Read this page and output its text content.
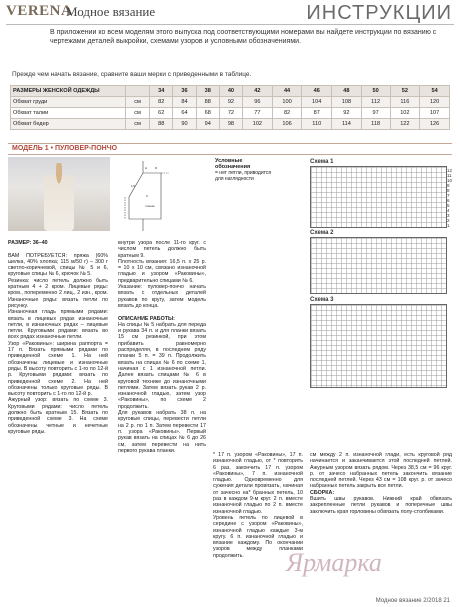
VERENA
Модное вязание	ИНСТРУКЦИИ
В приложении ко всем моделям этого выпуска под соответствующими номерами вы найдете инструкции по вязанию с чертежами деталей выкройки, схемами узоров и условными обозначениями.
Прежде чем начать вязание, сравните ваши мерки с приведенными в таблице.
РАЗМЕРЫ ЖЕНСКОЙ ОДЕЖДЫ		34	36	38	40	42	44	46	48	50	52	54
Обхват груди	см	82	84	88	92	96	100	104	108	112	116	120
Обхват талии	см	62	64	68	72	77	82	87	92	97	102	107
Обхват бедер	см	88	90	94	98	102	106	110	114	118	122	126
МОДЕЛЬ 1 • ПУЛОВЕР-ПОНЧО
H	R
1/2
K
планки
Условные обозначения
= нет петли, приводится для наглядности
Схема 1
12
11
10
9
8
7
6
5
4
3
2
1
Схема 2
Схема 3
РАЗМЕР: 36–40

ВАМ ПОТРЕБУЕТСЯ: пряжа (60% шелка, 40% хлопка; 115 м/50 г) – 300 г светло-коричневой, спицы № 5 и 6, круговые спицы № 6, крючок № 5.
Резинка: число петель должно быть кратным 4 + 2 кром. Лицевые ряды: кром., попеременно 2 лиц., 2 изн., кром. Изнаночные ряды: вязать петли по рисунку.
Изнаночная гладь прямыми рядами: вязать в лицевых рядах изнаночные петли, в изнаночных рядах – лицевые петли. Круговыми рядами: вязать во всех рядах изнаночные петли.
Узор «Раковины»: ширина раппорта = 17 п. Вязать прямыми рядами по приведенной схеме 1. На ней обозначены лицевые и изнаночные ряды. В высоту повторить с 1-го по 12-й р. Круговыми рядами: вязать по приведенной схеме 2. На ней обозначены только круговые ряды. В высоту повторить с 1-го по 12-й р.
Ажурный узор: вязать по схеме 3. Круговыми рядами: число петель должно быть кратным 15. Вязать по приведенной схеме 3. На схеме обозначены четные и нечетные круговые ряды.
внутри узора после 11-го круг. с числом петель должно быть кратным 9.
Плотность вязания: 16,5 п. х 25 р. = 10 х 10 см, связано изнаночной гладью и узором «Раковины», предварительно спицами № 6.
Указание: пуловер-пончо начать вязать с отдельных деталей рукавов по кругу, затем модель вязать до конца.

ОПИСАНИЕ РАБОТЫ:
На спицы № 5 набрать для переда и рукава 34 п. и для планки вязать 15 см резинкой, при этом прибавить равномерно распределяя, в последнем ряду планки 5 п. = 39 п. Продолжить вязать на спицах № 6 по схеме 1, начиная с 1 изнаночной петли. Далее вязать спицами № 6 в круговой технике до изнаночными петлями. Затем вязать рукав 2 р. изнаночной гладью, затем узор «Раковины», по схеме 2 продолжить.
Для рукавов набрать 38 п. на круговые спицы, перевести петли на 2 р. по 1 п. Затем перевести 17 п. узора «Раковины». Первый рукав вязать на спицах № 6 до 26 см, затем перевести на нить первого рукава планки.
* 17 п. узором «Раковины», 17 п. изнаночной гладью, от * повторить 6 раз, закончить 17 п. узором «Раковины», 7 п. изнаночной гладью. Одновременно для сужения детали провязать, начиная от зачесно на* бранных петель, 10 раз в каждом 9-м круг. 2 п. вместе изнаночной гладью по 2 п. вместе изнаночной гладью.
Уровень петель по лицевой в середине с узором «Раковины», изнаночной гладью каждые 3-м кругу. 6 п. изнаночной гладью и вязание каждому. По окончании узоров между планками продолжить.
см между 2 п. изнаночной глади, есть круговой ряд начинается и заканчивается этой последней петлей. Ажурным узором вязать рядом. Через 38,5 см = 96 круг. р. от зачесо набранных петель закончить вязание последней петлей. Через 43 см = 108 круг. р. от зачесо набранных петель закрыть все петли.
СБОРКА:
Вшить швы рукавов. Нижний край обвязать закрепленные петли рукавов и поперечные швы заключить края горловины обвязать полу-столбиками.
Ярмарка
Модное вязание 2/2018 21
